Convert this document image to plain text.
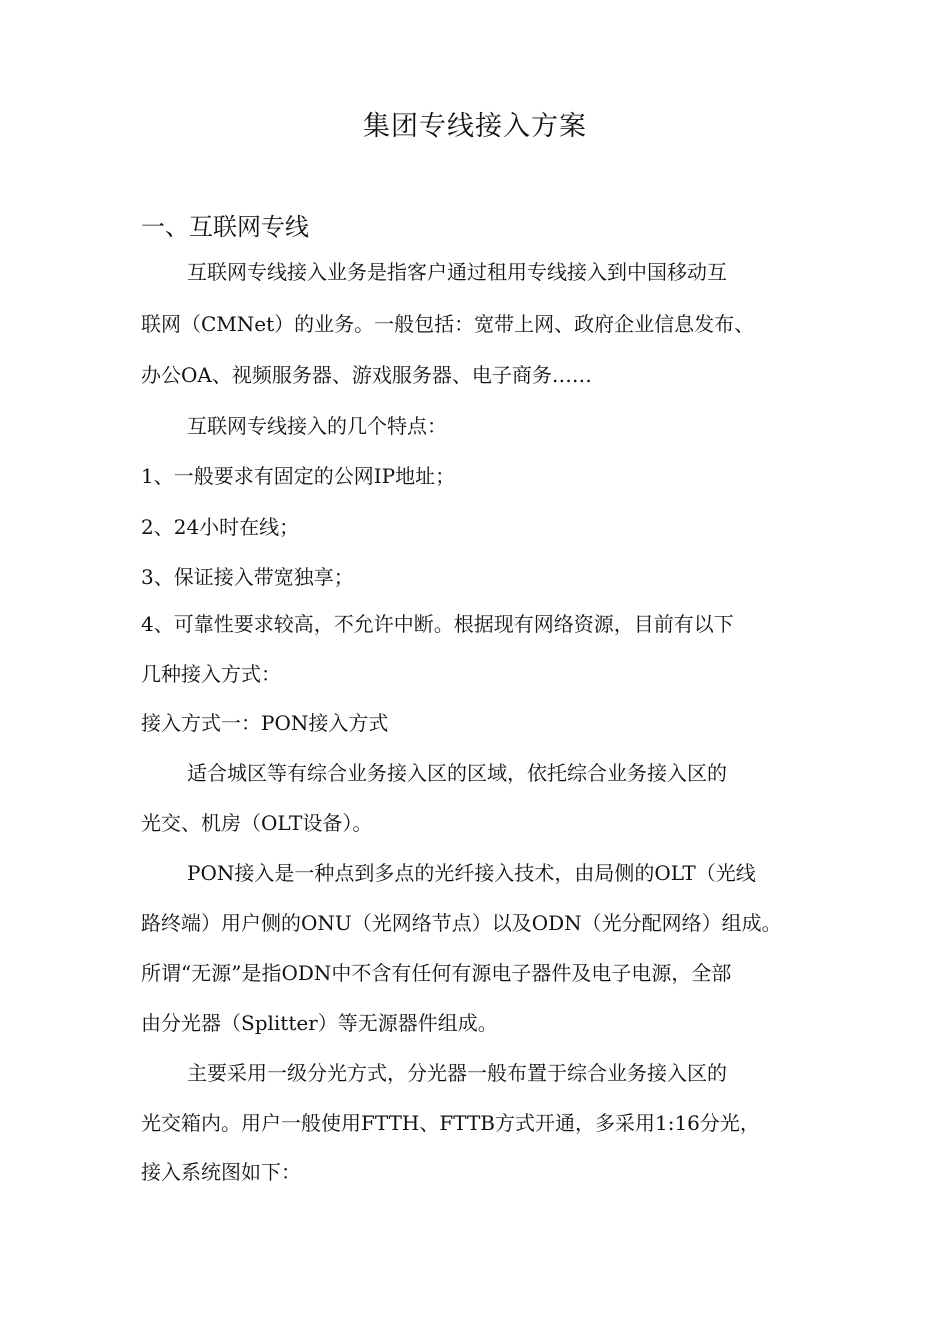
集团专线接入方案
一、互联网专线
互联网专线接入业务是指客户通过租用专线接入到中国移动互
联网（CMNet）的业务。一般包括：宽带上网、政府企业信息发布、
办公OA、视频服务器、游戏服务器、电子商务……
互联网专线接入的几个特点：
1、一般要求有固定的公网IP地址；
2、24小时在线；
3、保证接入带宽独享；
4、可靠性要求较高，不允许中断。根据现有网络资源，目前有以下
几种接入方式：
接入方式一：PON接入方式
适合城区等有综合业务接入区的区域，依托综合业务接入区的
光交、机房（OLT设备）。
PON接入是一种点到多点的光纤接入技术，由局侧的OLT（光线
路终端）用户侧的ONU（光网络节点）以及ODN（光分配网络）组成。
所谓“无源”是指ODN中不含有任何有源电子器件及电子电源，全部
由分光器（Splitter）等无源器件组成。
主要采用一级分光方式，分光器一般布置于综合业务接入区的
光交箱内。用户一般使用FTTH、FTTB方式开通，多采用1:16分光，
接入系统图如下：
